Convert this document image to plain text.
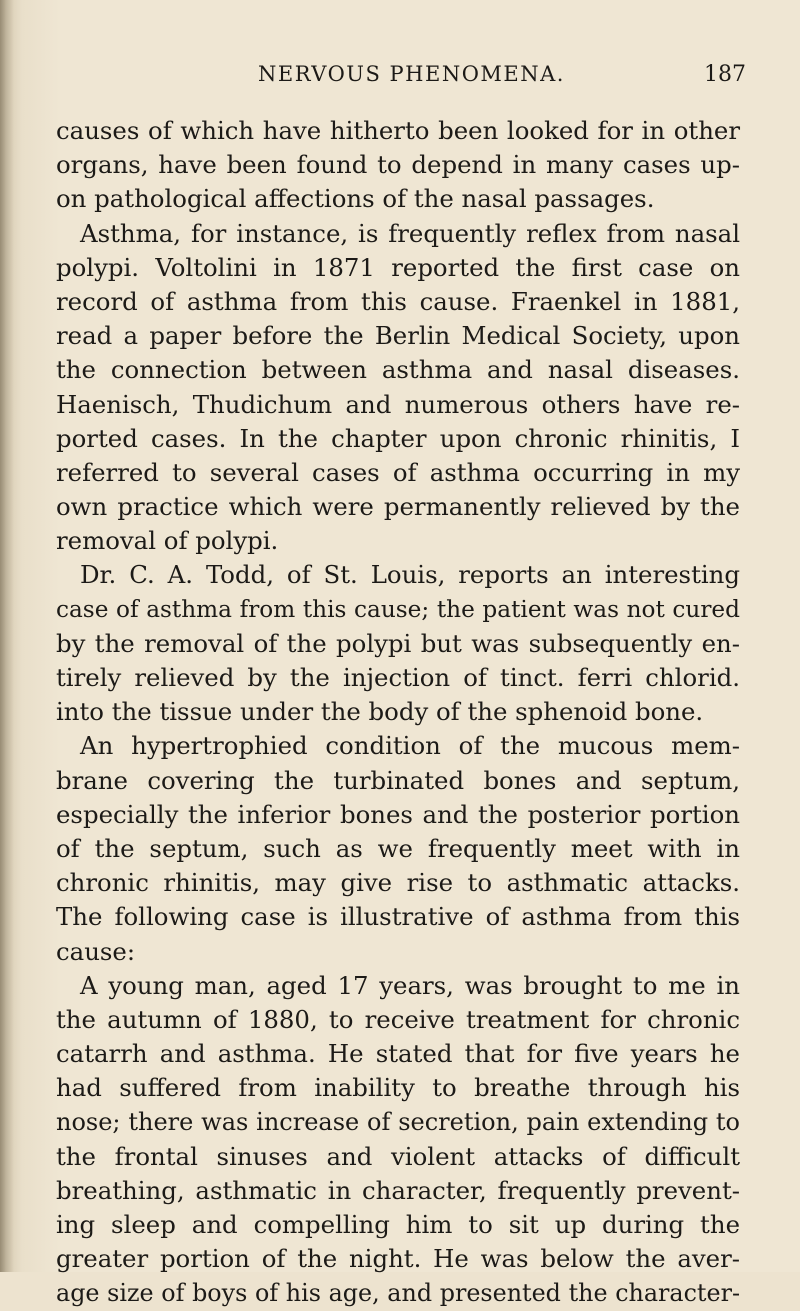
NERVOUS PHENOMENA.	187
causes of which have hitherto been looked for in other
organs, have been found to depend in many cases up-
on pathological affections of the nasal passages.
Asthma, for instance, is frequently reflex from nasal
polypi. Voltolini in 1871 reported the first case on
record of asthma from this cause. Fraenkel in 1881,
read a paper before the Berlin Medical Society, upon
the connection between asthma and nasal diseases.
Haenisch, Thudichum and numerous others have re-
ported cases. In the chapter upon chronic rhinitis, I
referred to several cases of asthma occurring in my
own practice which were permanently relieved by the
removal of polypi.
Dr. C. A. Todd, of St. Louis, reports an interesting
case of asthma from this cause; the patient was not cured
by the removal of the polypi but was subsequently en-
tirely relieved by the injection of tinct. ferri chlorid.
into the tissue under the body of the sphenoid bone.
An hypertrophied condition of the mucous mem-
brane covering the turbinated bones and septum,
especially the inferior bones and the posterior portion
of the septum, such as we frequently meet with in
chronic rhinitis, may give rise to asthmatic attacks.
The following case is illustrative of asthma from this
cause:
A young man, aged 17 years, was brought to me in
the autumn of 1880, to receive treatment for chronic
catarrh and asthma. He stated that for five years he
had suffered from inability to breathe through his
nose; there was increase of secretion, pain extending to
the frontal sinuses and violent attacks of difficult
breathing, asthmatic in character, frequently prevent-
ing sleep and compelling him to sit up during the
greater portion of the night. He was below the aver-
age size of boys of his age, and presented the character-
